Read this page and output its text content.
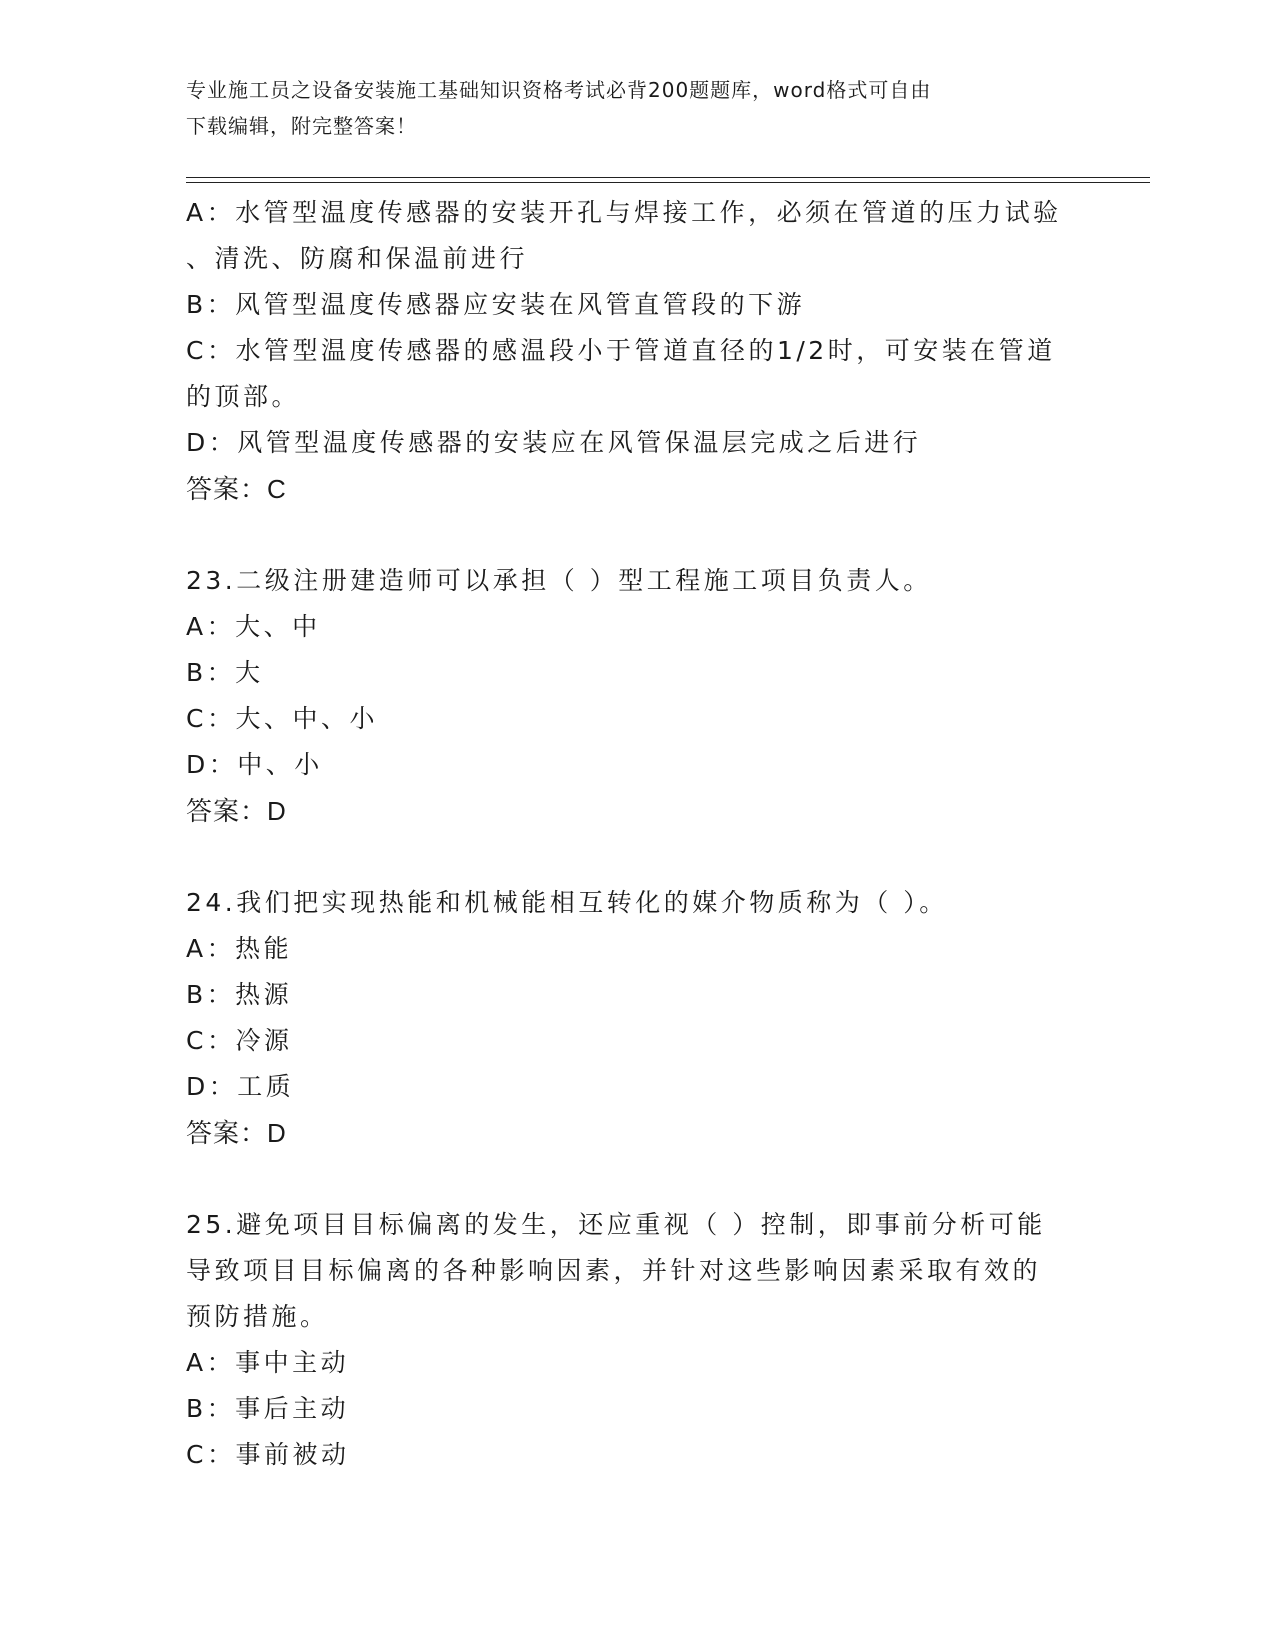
专业施工员之设备安装施工基础知识资格考试必背200题题库，word格式可自由
下载编辑，附完整答案！
A：水管型温度传感器的安装开孔与焊接工作，必须在管道的压力试验
、清洗、防腐和保温前进行
B：风管型温度传感器应安装在风管直管段的下游
C：水管型温度传感器的感温段小于管道直径的1/2时，可安装在管道
的顶部。
D：风管型温度传感器的安装应在风管保温层完成之后进行
答案：C
23.二级注册建造师可以承担（ ）型工程施工项目负责人。
A：大、中
B：大
C：大、中、小
D：中、小
答案：D
24.我们把实现热能和机械能相互转化的媒介物质称为（ ）。
A：热能
B：热源
C：冷源
D：工质
答案：D
25.避免项目目标偏离的发生，还应重视（ ）控制，即事前分析可能
导致项目目标偏离的各种影响因素，并针对这些影响因素采取有效的
预防措施。
A：事中主动
B：事后主动
C：事前被动
